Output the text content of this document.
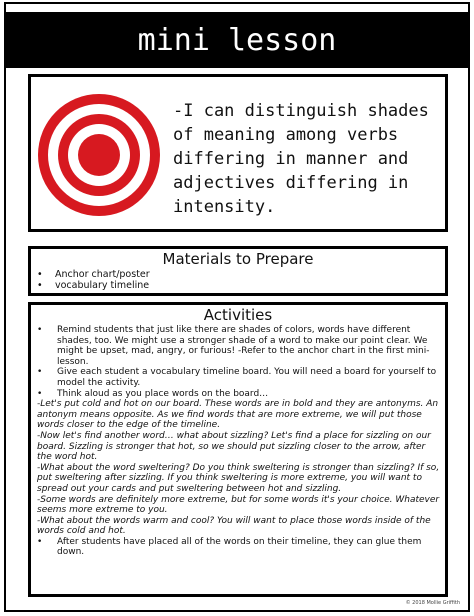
mini lesson
-I can distinguish shades of meaning among verbs differing in manner and adjectives differing in intensity.
Materials to Prepare
• Anchor chart/poster
• vocabulary timeline
Activities
•	Remind students that just like there are shades of colors, words have different shades, too. We might use a stronger shade of a word to make our point clear. We might be upset, mad, angry, or furious! -Refer to the anchor chart in the first mini-lesson.
•	Give each student a vocabulary timeline board. You will need a board for yourself to model the activity.
•	Think aloud as you place words on the board…
-Let's put cold and hot on our board. These words are in bold and they are antonyms. An antonym means opposite. As we find words that are more extreme, we will put those words closer to the edge of the timeline.
-Now let's find another word… what about sizzling? Let's find a place for sizzling on our board. Sizzling is stronger that hot, so we should put sizzling closer to the arrow, after the word hot.
-What about the word sweltering? Do you think sweltering is stronger than sizzling? If so, put sweltering after sizzling. If you think sweltering is more extreme, you will want to spread out your cards and put sweltering between hot and sizzling.
-Some words are definitely more extreme, but for some words it's your choice. Whatever seems more extreme to you.
-What about the words warm and cool? You will want to place those words inside of the words cold and hot.
•	After students have placed all of the words on their timeline, they can glue them down.
© 2018 Mollie Griffith
